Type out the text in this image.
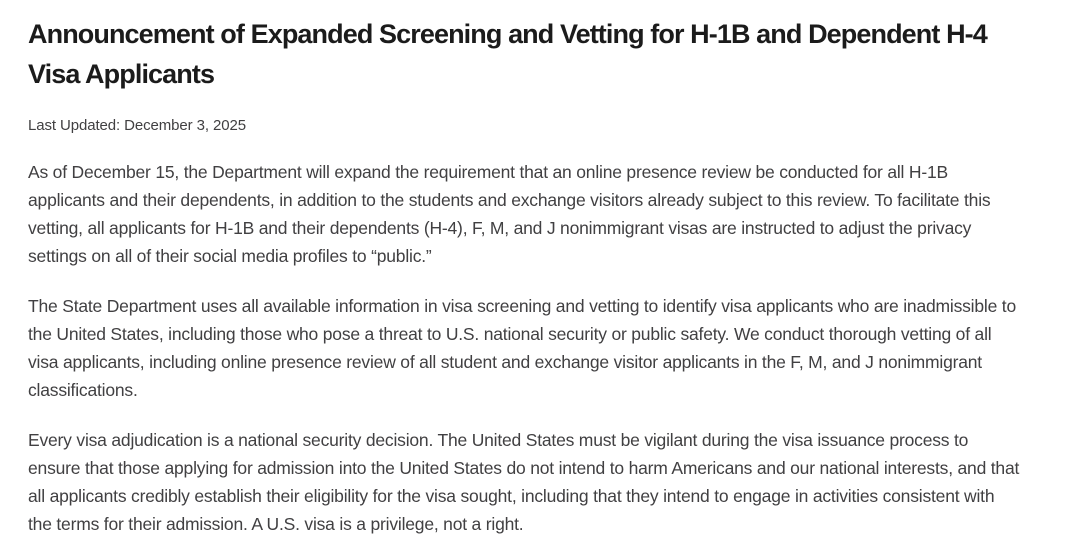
Announcement of Expanded Screening and Vetting for H-1B and Dependent H-4
Visa Applicants

Last Updated: December 3, 2025

As of December 15, the Department will expand the requirement that an online presence review be conducted for all H-1B applicants and their dependents, in addition to the students and exchange visitors already subject to this review. To facilitate this vetting, all applicants for H-1B and their dependents (H-4), F, M, and J nonimmigrant visas are instructed to adjust the privacy settings on all of their social media profiles to “public.”

The State Department uses all available information in visa screening and vetting to identify visa applicants who are inadmissible to the United States, including those who pose a threat to U.S. national security or public safety. We conduct thorough vetting of all visa applicants, including online presence review of all student and exchange visitor applicants in the F, M, and J nonimmigrant classifications.

Every visa adjudication is a national security decision. The United States must be vigilant during the visa issuance process to ensure that those applying for admission into the United States do not intend to harm Americans and our national interests, and that all applicants credibly establish their eligibility for the visa sought, including that they intend to engage in activities consistent with the terms for their admission. A U.S. visa is a privilege, not a right.
